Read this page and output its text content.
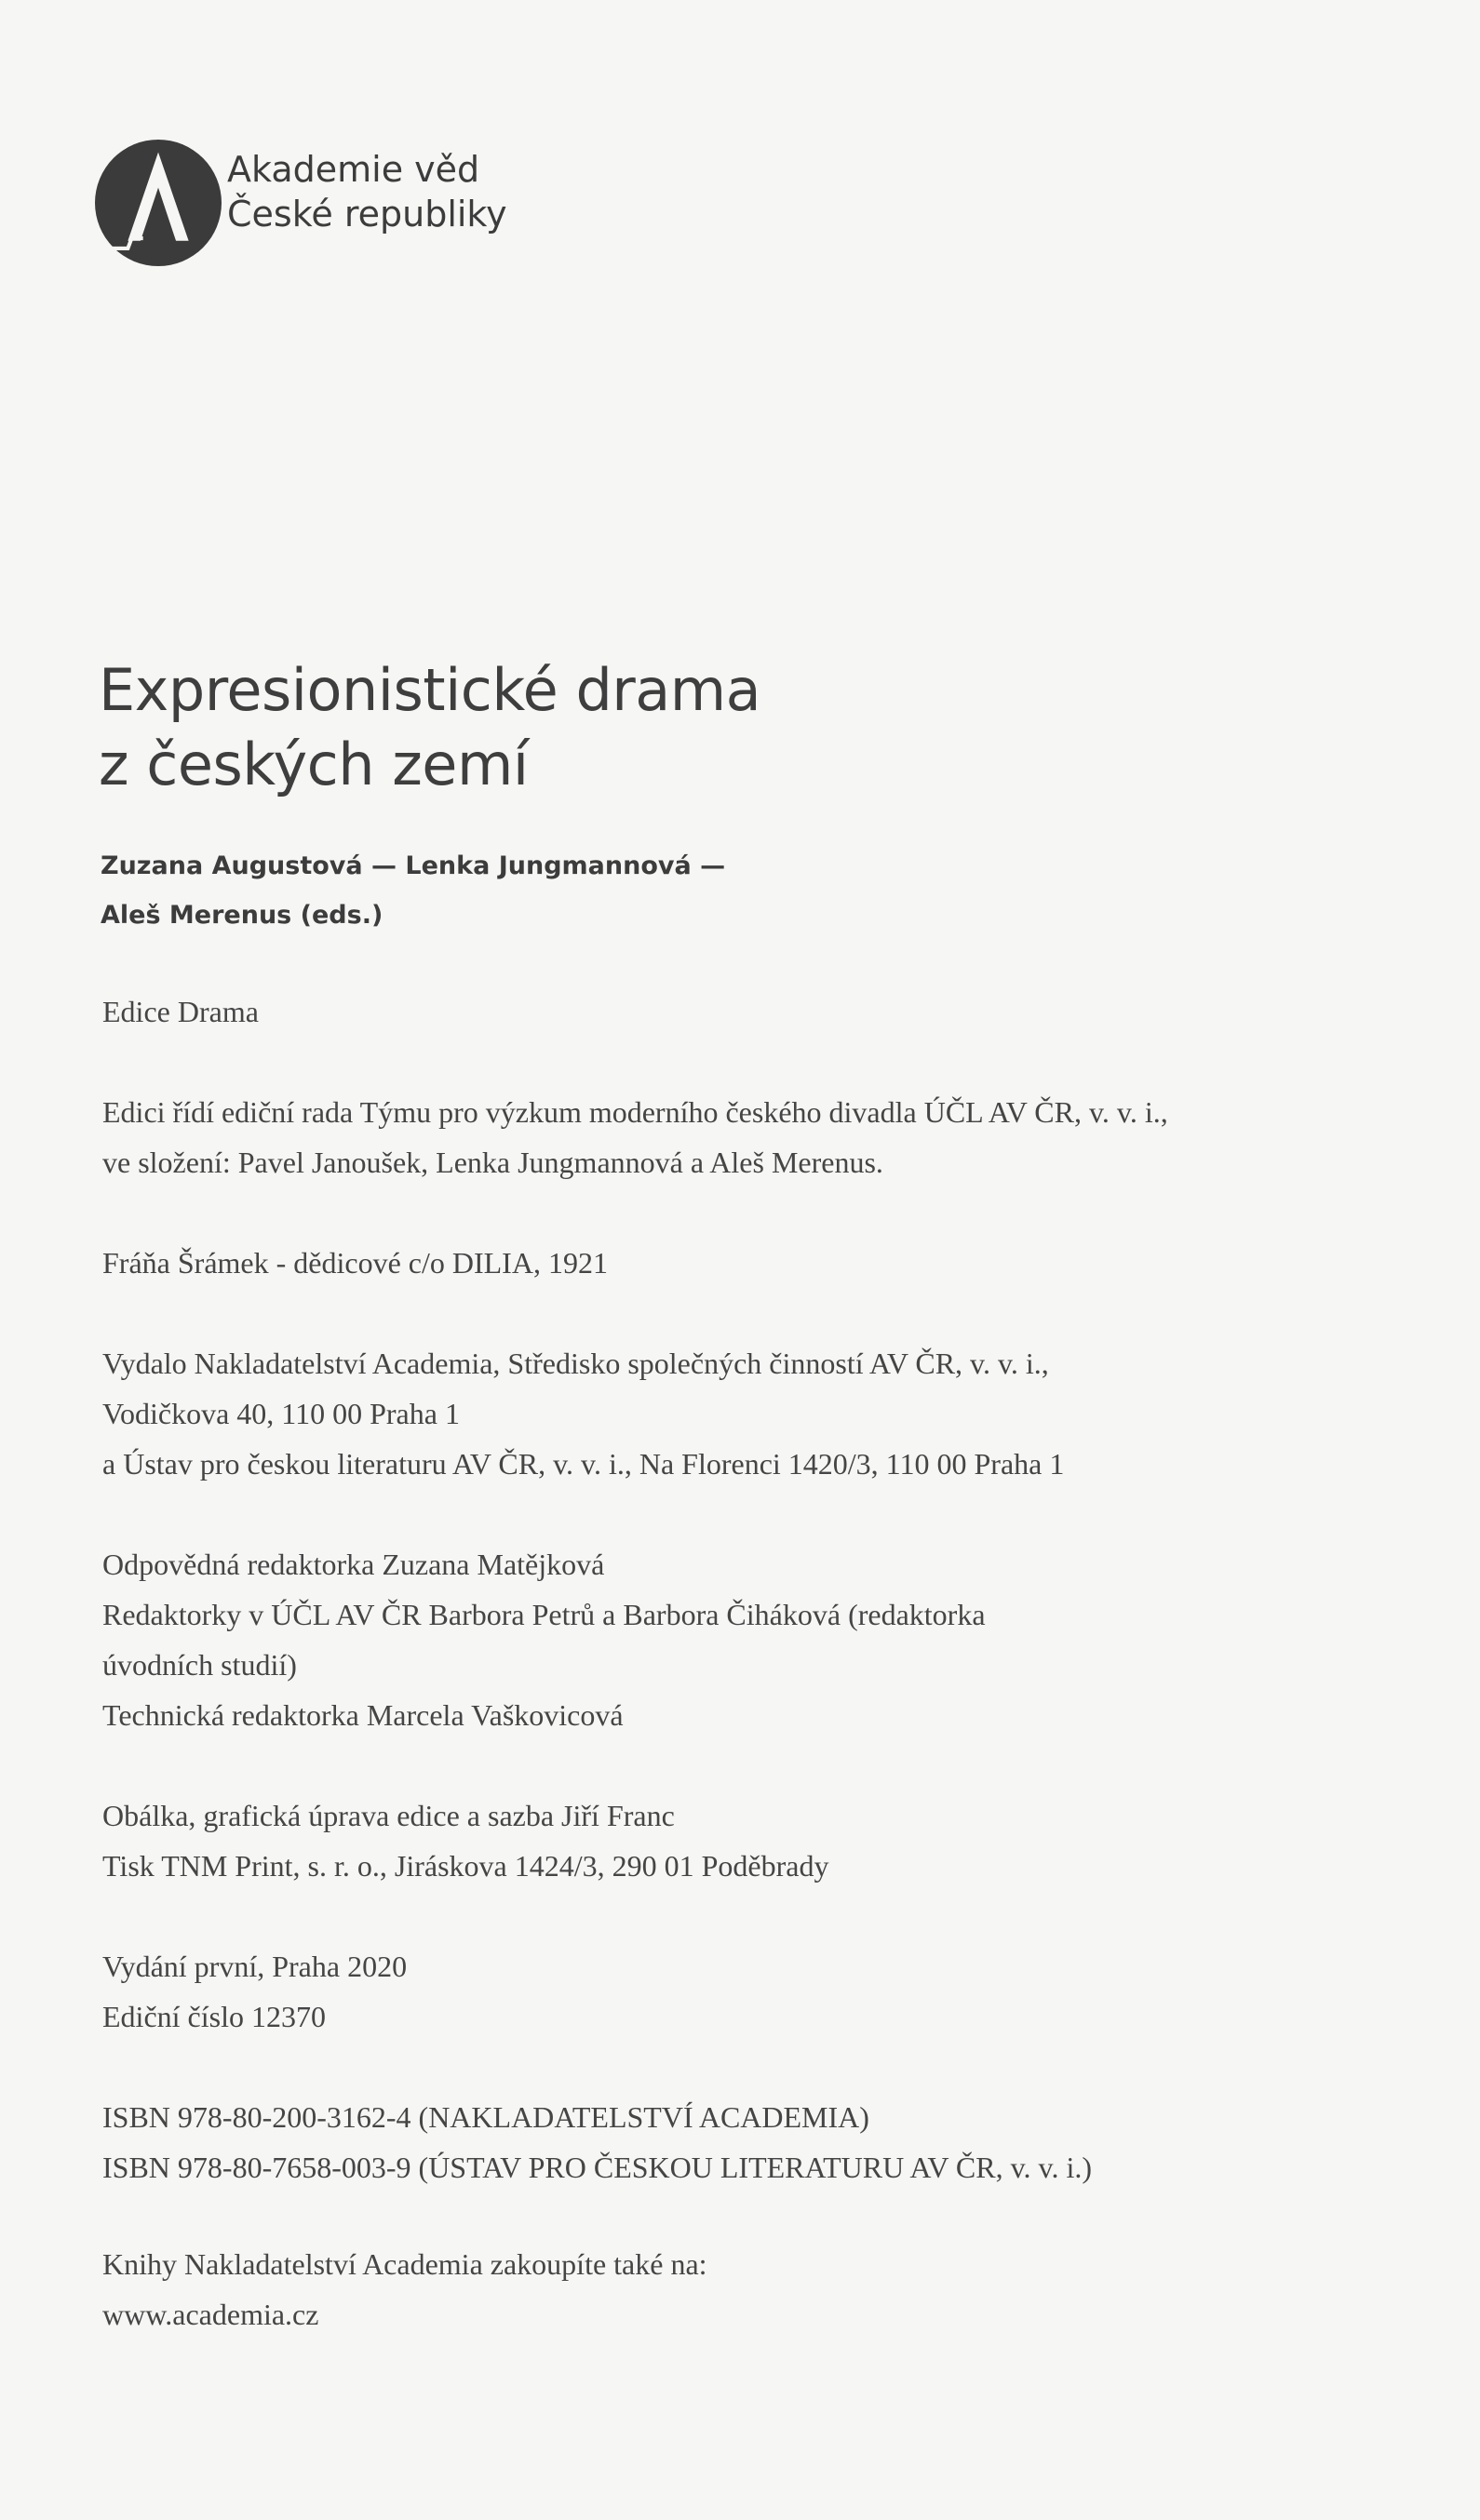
Akademie věd
České republiky
Expresionistické drama
z českých zemí
Zuzana Augustová — Lenka Jungmannová —
Aleš Merenus (eds.)

Edice Drama

Edici řídí ediční rada Týmu pro výzkum moderního českého divadla ÚČL AV ČR, v. v. i.,

ve složení: Pavel Janoušek, Lenka Jungmannová a Aleš Merenus.

Fráňa Šrámek - dědicové c/o DILIA, 1921

Vydalo Nakladatelství Academia, Středisko společných činností AV ČR, v. v. i.,

Vodičkova 40, 110 00 Praha 1

a Ústav pro českou literaturu AV ČR, v. v. i., Na Florenci 1420/3, 110 00 Praha 1

Odpovědná redaktorka Zuzana Matějková

Redaktorky v ÚČL AV ČR Barbora Petrů a Barbora Čiháková (redaktorka

úvodních studií)

Technická redaktorka Marcela Vaškovicová

Obálka, grafická úprava edice a sazba Jiří Franc

Tisk TNM Print, s. r. o., Jiráskova 1424/3, 290 01 Poděbrady

Vydání první, Praha 2020

Ediční číslo 12370

ISBN 978-80-200-3162-4 (NAKLADATELSTVÍ ACADEMIA)

ISBN 978-80-7658-003-9 (ÚSTAV PRO ČESKOU LITERATURU AV ČR, v. v. i.)

Knihy Nakladatelství Academia zakoupíte také na:

www.academia.cz
